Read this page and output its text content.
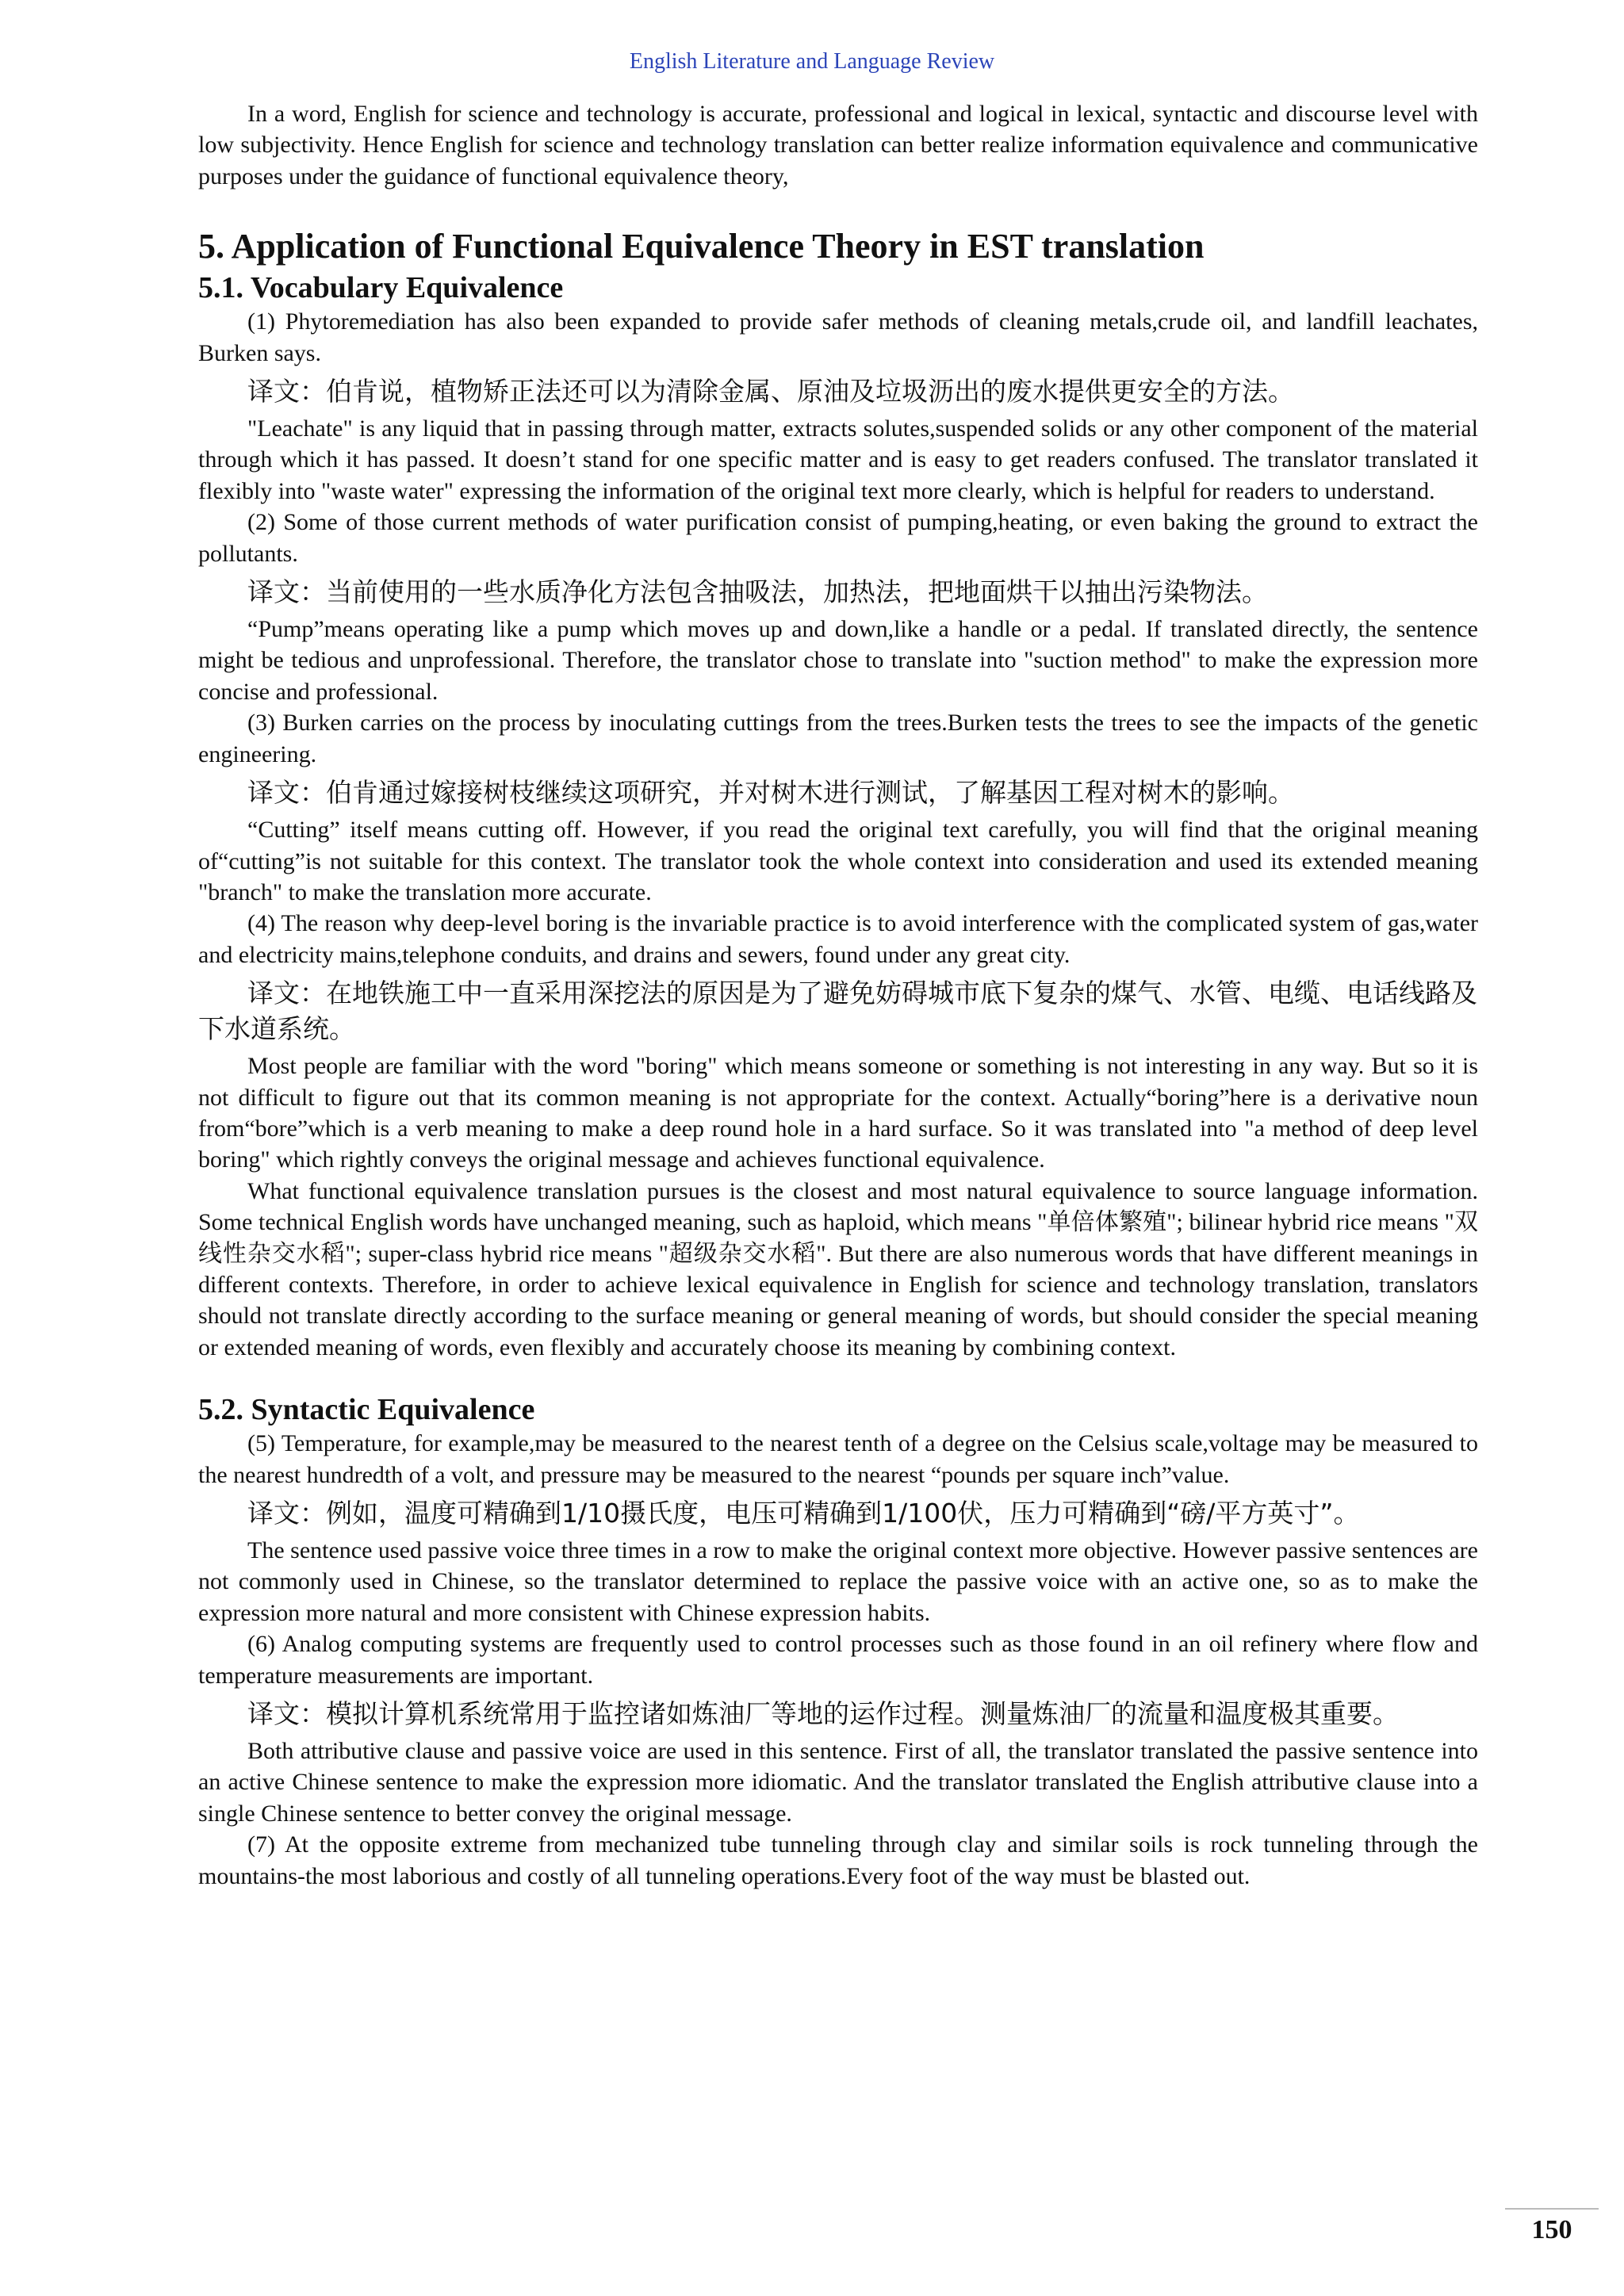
English Literature and Language Review

In a word, English for science and technology is accurate, professional and logical in lexical, syntactic and discourse level with low subjectivity. Hence English for science and technology translation can better realize information equivalence and communicative purposes under the guidance of functional equivalence theory,

5. Application of Functional Equivalence Theory in EST translation
5.1. Vocabulary Equivalence

(1) Phytoremediation has also been expanded to provide safer methods of cleaning metals,crude oil, and landfill leachates, Burken says.

译文：伯肯说，植物矫正法还可以为清除金属、原油及垃圾沥出的废水提供更安全的方法。

"Leachate" is any liquid that in passing through matter, extracts solutes,suspended solids or any other component of the material through which it has passed. It doesn’t stand for one specific matter and is easy to get readers confused. The translator translated it flexibly into "waste water" expressing the information of the original text more clearly, which is helpful for readers to understand.

(2) Some of those current methods of water purification consist of pumping,heating, or even baking the ground to extract the pollutants.

译文：当前使用的一些水质净化方法包含抽吸法，加热法，把地面烘干以抽出污染物法。

“Pump”means operating like a pump which moves up and down,like a handle or a pedal. If translated directly, the sentence might be tedious and unprofessional. Therefore, the translator chose to translate into "suction method" to make the expression more concise and professional.

(3) Burken carries on the process by inoculating cuttings from the trees.Burken tests the trees to see the impacts of the genetic engineering.

译文：伯肯通过嫁接树枝继续这项研究，并对树木进行测试，了解基因工程对树木的影响。

“Cutting” itself means cutting off. However, if you read the original text carefully, you will find that the original meaning of“cutting”is not suitable for this context. The translator took the whole context into consideration and used its extended meaning "branch" to make the translation more accurate.

(4) The reason why deep-level boring is the invariable practice is to avoid interference with the complicated system of gas,water and electricity mains,telephone conduits, and drains and sewers, found under any great city.

译文：在地铁施工中一直采用深挖法的原因是为了避免妨碍城市底下复杂的煤气、水管、电缆、电话线路及下水道系统。

Most people are familiar with the word "boring" which means someone or something is not interesting in any way. But so it is not difficult to figure out that its common meaning is not appropriate for the context. Actually“boring”here is a derivative noun from“bore”which is a verb meaning to make a deep round hole in a hard surface. So it was translated into "a method of deep level boring" which rightly conveys the original message and achieves functional equivalence.

What functional equivalence translation pursues is the closest and most natural equivalence to source language information. Some technical English words have unchanged meaning, such as haploid, which means "单倍体繁殖"; bilinear hybrid rice means "双线性杂交水稻"; super-class hybrid rice means "超级杂交水稻". But there are also numerous words that have different meanings in different contexts. Therefore, in order to achieve lexical equivalence in English for science and technology translation, translators should not translate directly according to the surface meaning or general meaning of words, but should consider the special meaning or extended meaning of words, even flexibly and accurately choose its meaning by combining context.

5.2. Syntactic Equivalence

(5) Temperature, for example,may be measured to the nearest tenth of a degree on the Celsius scale,voltage may be measured to the nearest hundredth of a volt, and pressure may be measured to the nearest “pounds per square inch”value.

译文：例如，温度可精确到1/10摄氏度，电压可精确到1/100伏，压力可精确到“磅/平方英寸”。

The sentence used passive voice three times in a row to make the original context more objective. However passive sentences are not commonly used in Chinese, so the translator determined to replace the passive voice with an active one, so as to make the expression more natural and more consistent with Chinese expression habits.

(6) Analog computing systems are frequently used to control processes such as those found in an oil refinery where flow and temperature measurements are important.

译文：模拟计算机系统常用于监控诸如炼油厂等地的运作过程。测量炼油厂的流量和温度极其重要。

Both attributive clause and passive voice are used in this sentence. First of all, the translator translated the passive sentence into an active Chinese sentence to make the expression more idiomatic. And the translator translated the English attributive clause into a single Chinese sentence to better convey the original message.

(7) At the opposite extreme from mechanized tube tunneling through clay and similar soils is rock tunneling through the mountains-the most laborious and costly of all tunneling operations.Every foot of the way must be blasted out.

150
